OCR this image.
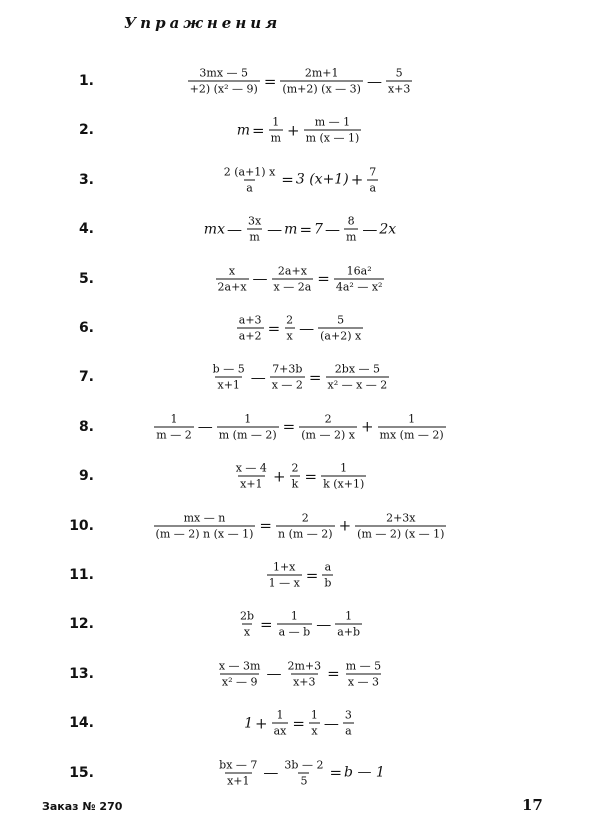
Упражнения
1.	$\frac{3mx — 5}{\text{+2) (x² — 9)}} = \frac{2m+1}{(m+2) (x — 3)}$ — $\frac{5}{x+3}$
2.	$m = \frac{1}{m} + \frac{m — 1}{m (x — 1)}$
3.	$\frac{2 (a+1) x}{a} = 3$ $(x+1) + \frac{7}{a}$
4.	mx — $\frac{3x}{m}$ — m = 7 — $\frac{8}{m}$ — 2x
5.	$\frac{x}{2a+x}$ — $\frac{2a+x}{x — 2a} = \frac{\text{16a²}}{\text{4a² — x²}}$
6.	$\frac{a+3}{a+2} = \frac{2}{x}$ — $\frac{5}{(a+2) x}$
7.	$\frac{b — 5}{x+1}$ — $\frac{7+3b}{x — 2} = \frac{2bx — 5}{\text{x² — x — 2}}$
8.	$\frac{1}{m — 2}$ — $\frac{1}{m (m — 2)} = \frac{2}{(m — 2) x} + \frac{1}{mx (m — 2)}$
9.	$\frac{x — 4}{x+1} + \frac{2}{k} = \frac{1}{k (x+1)}$
10.	$\frac{mx — n}{(m — 2) n (x — 1)} = \frac{2}{n (m — 2)} + \frac{2+3x}{(m — 2) (x — 1)}$
11.	$\frac{1+x}{1 — x} = \frac{a}{b}$
12.	$\frac{2b}{x} = \frac{1}{a — b}$ — $\frac{1}{a+b}$
13.	$\frac{x — 3m}{\text{x² — 9}}$ — $\frac{2m+3}{x+3} = \frac{m — 5}{x — 3}$
14.	$1 + \frac{1}{ax} = \frac{1}{x}$ — $\frac{3}{a}$
15.	$\frac{bx — 7}{x+1}$ — $\frac{3b — 2}{5} = b$ — 1
Заказ № 270	17
